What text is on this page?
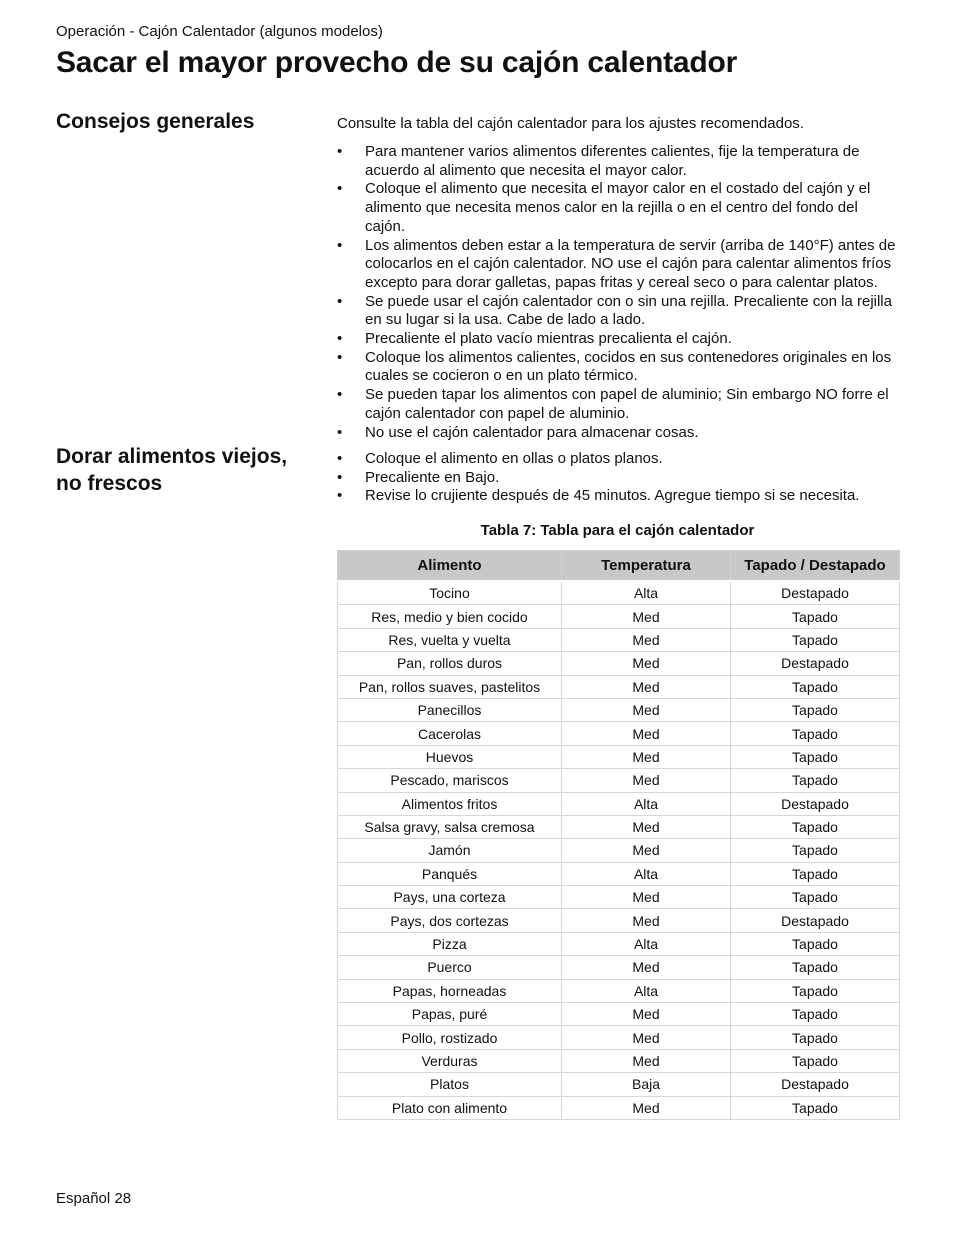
Operación - Cajón Calentador (algunos modelos)
Sacar el mayor provecho de su cajón calentador
Consejos generales	Consulte la tabla del cajón calentador para los ajustes recomendados.

• Para mantener varios alimentos diferentes calientes, fije la temperatura de acuerdo al alimento que necesita el mayor calor.
• Coloque el alimento que necesita el mayor calor en el costado del cajón y el alimento que necesita menos calor en la rejilla o en el centro del fondo del cajón.
• Los alimentos deben estar a la temperatura de servir (arriba de 140°F) antes de colocarlos en el cajón calentador. NO use el cajón para calentar alimentos fríos excepto para dorar galletas, papas fritas y cereal seco o para calentar platos.
• Se puede usar el cajón calentador con o sin una rejilla. Precaliente con la rejilla en su lugar si la usa. Cabe de lado a lado.
• Precaliente el plato vacío mientras precalienta el cajón.
• Coloque los alimentos calientes, cocidos en sus contenedores originales en los cuales se cocieron o en un plato térmico.
• Se pueden tapar los alimentos con papel de aluminio; Sin embargo NO forre el cajón calentador con papel de aluminio.
• No use el cajón calentador para almacenar cosas.
Dorar alimentos viejos, no frescos
• Coloque el alimento en ollas o platos planos.
• Precaliente en Bajo.
• Revise lo crujiente después de 45 minutos. Agregue tiempo si se necesita.
Tabla 7: Tabla para el cajón calentador
Alimento	Temperatura	Tapado / Destapado
Tocino	Alta	Destapado
Res, medio y bien cocido	Med	Tapado
Res, vuelta y vuelta	Med	Tapado
Pan, rollos duros	Med	Destapado
Pan, rollos suaves, pastelitos	Med	Tapado
Panecillos	Med	Tapado
Cacerolas	Med	Tapado
Huevos	Med	Tapado
Pescado, mariscos	Med	Tapado
Alimentos fritos	Alta	Destapado
Salsa gravy, salsa cremosa	Med	Tapado
Jamón	Med	Tapado
Panqués	Alta	Tapado
Pays, una corteza	Med	Tapado
Pays, dos cortezas	Med	Destapado
Pizza	Alta	Tapado
Puerco	Med	Tapado
Papas, horneadas	Alta	Tapado
Papas, puré	Med	Tapado
Pollo, rostizado	Med	Tapado
Verduras	Med	Tapado
Platos	Baja	Destapado
Plato con alimento	Med	Tapado
Español 28
